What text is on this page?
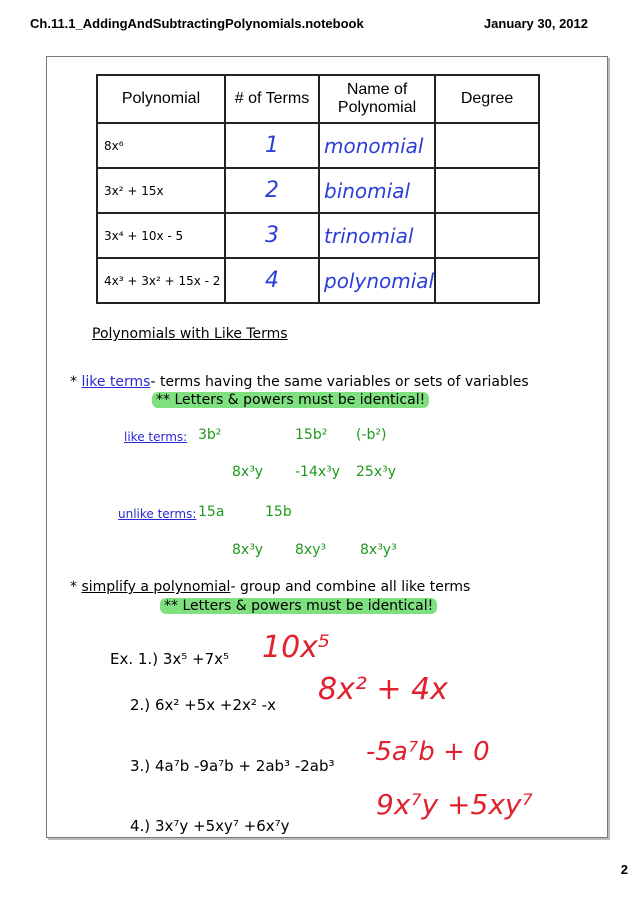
Ch.11.1_AddingAndSubtractingPolynomials.notebook	January 30, 2012
Polynomial	# of Terms	Name of Polynomial	Degree
8x⁶	1	monomial	
3x² + 15x	2	binomial	
3x⁴ + 10x - 5	3	trinomial	
4x³ + 3x² + 15x - 2	4	polynomial	
Polynomials with Like Terms
* like terms- terms having the same variables or sets of variables
** Letters & powers must be identical!
like terms: 3b²	15b² (-b²)
8x³y -14x³y 25x³y
unlike terms: 15a	15b
8x³y 8xy³ 8x³y³
* simplify a polynomial- group and combine all like terms
** Letters & powers must be identical!
Ex. 1.) 3x⁵ +7x⁵ 10x⁵
2.) 6x² +5x +2x² -x 8x² + 4x
3.) 4a⁷b -9a⁷b + 2ab³ -2ab³ -5a⁷b + 0
4.) 3x⁷y +5xy⁷ +6x⁷y
9x⁷y +5xy⁷
2
